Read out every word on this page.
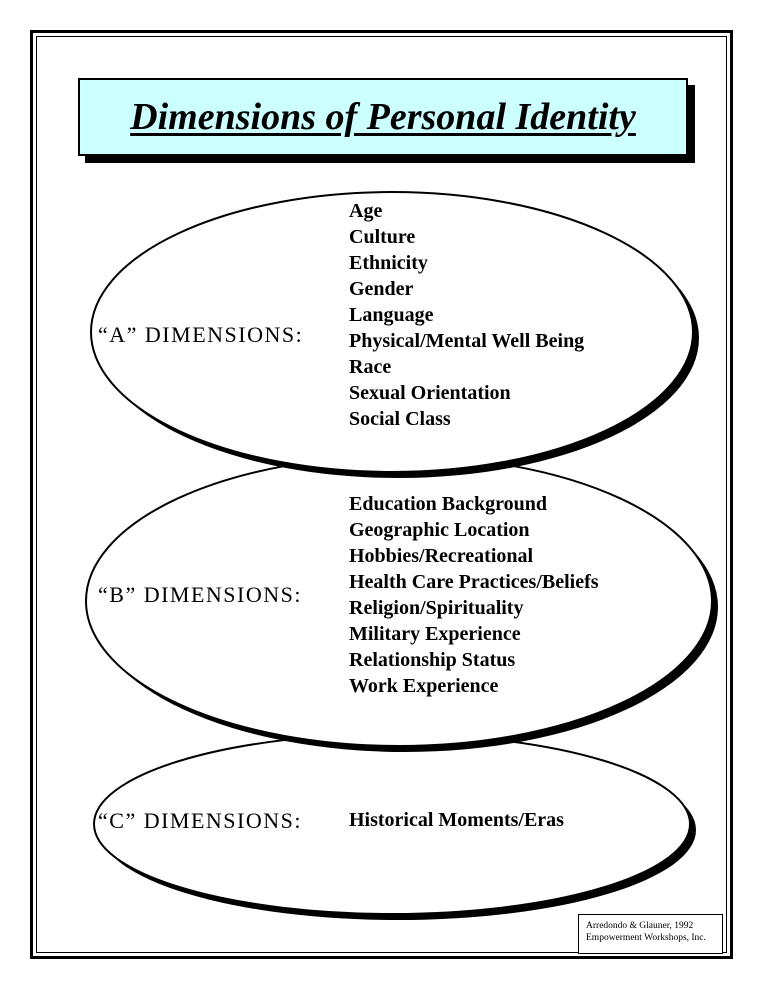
Dimensions of Personal Identity
“A” DIMENSIONS:
Age
Culture
Ethnicity
Gender
Language
Physical/Mental Well Being
Race
Sexual Orientation
Social Class
“B” DIMENSIONS:
Education Background
Geographic Location
Hobbies/Recreational
Health Care Practices/Beliefs
Religion/Spirituality
Military Experience
Relationship Status
Work Experience
“C” DIMENSIONS: Historical Moments/Eras
Arredondo & Glauner, 1992
Empowerment Workshops, Inc.
